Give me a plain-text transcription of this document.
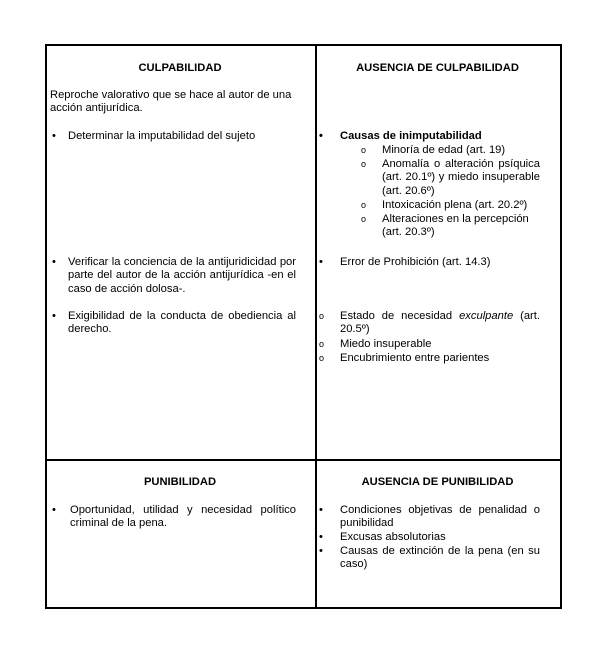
CULPABILIDAD
Reproche valorativo que se hace al autor de una acción antijurídica.
• Determinar la imputabilidad del sujeto
• Verificar la conciencia de la antijuridicidad por parte del autor de la acción antijurídica -en el caso de acción dolosa-.
• Exigibilidad de la conducta de obediencia al derecho.
AUSENCIA DE CULPABILIDAD
• Causas de inimputabilidad
o Minoría de edad (art. 19)
o Anomalía o alteración psíquica (art. 20.1º) y miedo insuperable (art. 20.6º)
o Intoxicación plena (art. 20.2º)
o Alteraciones en la percepción (art. 20.3º)
• Error de Prohibición (art. 14.3)
o Estado de necesidad exculpante (art. 20.5º)
o Miedo insuperable
o Encubrimiento entre parientes
PUNIBILIDAD
• Oportunidad, utilidad y necesidad político criminal de la pena.
AUSENCIA DE PUNIBILIDAD
• Condiciones objetivas de penalidad o punibilidad
• Excusas absolutorias
• Causas de extinción de la pena (en su caso)
